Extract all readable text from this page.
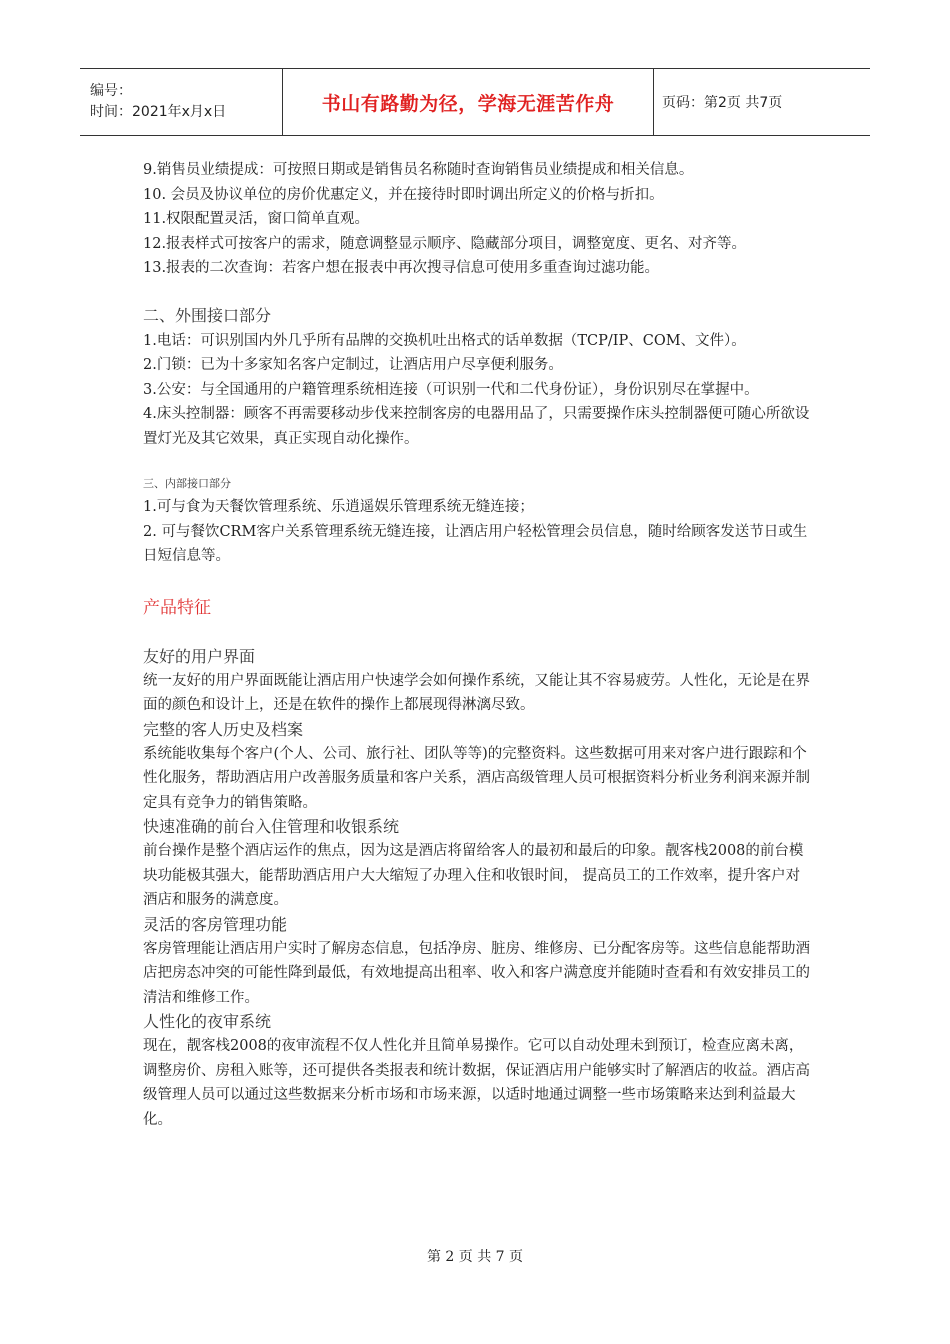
编号：
时间：2021年x月x日	书山有路勤为径，学海无涯苦作舟	页码：第2页 共7页

9.销售员业绩提成：可按照日期或是销售员名称随时查询销售员业绩提成和相关信息。

10. 会员及协议单位的房价优惠定义，并在接待时即时调出所定义的价格与折扣。

11.权限配置灵活，窗口简单直观。

12.报表样式可按客户的需求，随意调整显示顺序、隐藏部分项目，调整宽度、更名、对齐等。

13.报表的二次查询：若客户想在报表中再次搜寻信息可使用多重查询过滤功能。

二、外围接口部分

1.电话：可识别国内外几乎所有品牌的交换机吐出格式的话单数据（TCP/IP、COM、文件）。

2.门锁：已为十多家知名客户定制过，让酒店用户尽享便利服务。

3.公安：与全国通用的户籍管理系统相连接（可识别一代和二代身份证），身份识别尽在掌握中。

4.床头控制器：顾客不再需要移动步伐来控制客房的电器用品了，只需要操作床头控制器便可随心所欲设置灯光及其它效果，真正实现自动化操作。

三、内部接口部分

1.可与食为天餐饮管理系统、乐逍遥娱乐管理系统无缝连接；

2. 可与餐饮CRM客户关系管理系统无缝连接，让酒店用户轻松管理会员信息，随时给顾客发送节日或生日短信息等。

产品特征

友好的用户界面

统一友好的用户界面既能让酒店用户快速学会如何操作系统，又能让其不容易疲劳。人性化，无论是在界面的颜色和设计上，还是在软件的操作上都展现得淋漓尽致。

完整的客人历史及档案

系统能收集每个客户(个人、公司、旅行社、团队等等)的完整资料。这些数据可用来对客户进行跟踪和个性化服务，帮助酒店用户改善服务质量和客户关系，酒店高级管理人员可根据资料分析业务利润来源并制定具有竞争力的销售策略。

快速准确的前台入住管理和收银系统

前台操作是整个酒店运作的焦点，因为这是酒店将留给客人的最初和最后的印象。靓客栈2008的前台模块功能极其强大，能帮助酒店用户大大缩短了办理入住和收银时间， 提高员工的工作效率，提升客户对酒店和服务的满意度。

灵活的客房管理功能

客房管理能让酒店用户实时了解房态信息，包括净房、脏房、维修房、已分配客房等。这些信息能帮助酒店把房态冲突的可能性降到最低，有效地提高出租率、收入和客户满意度并能随时查看和有效安排员工的清洁和维修工作。

人性化的夜审系统

现在，靓客栈2008的夜审流程不仅人性化并且简单易操作。它可以自动处理未到预订，检查应离未离，调整房价、房租入账等，还可提供各类报表和统计数据，保证酒店用户能够实时了解酒店的收益。酒店高级管理人员可以通过这些数据来分析市场和市场来源，以适时地通过调整一些市场策略来达到利益最大化。

第 2 页 共 7 页
